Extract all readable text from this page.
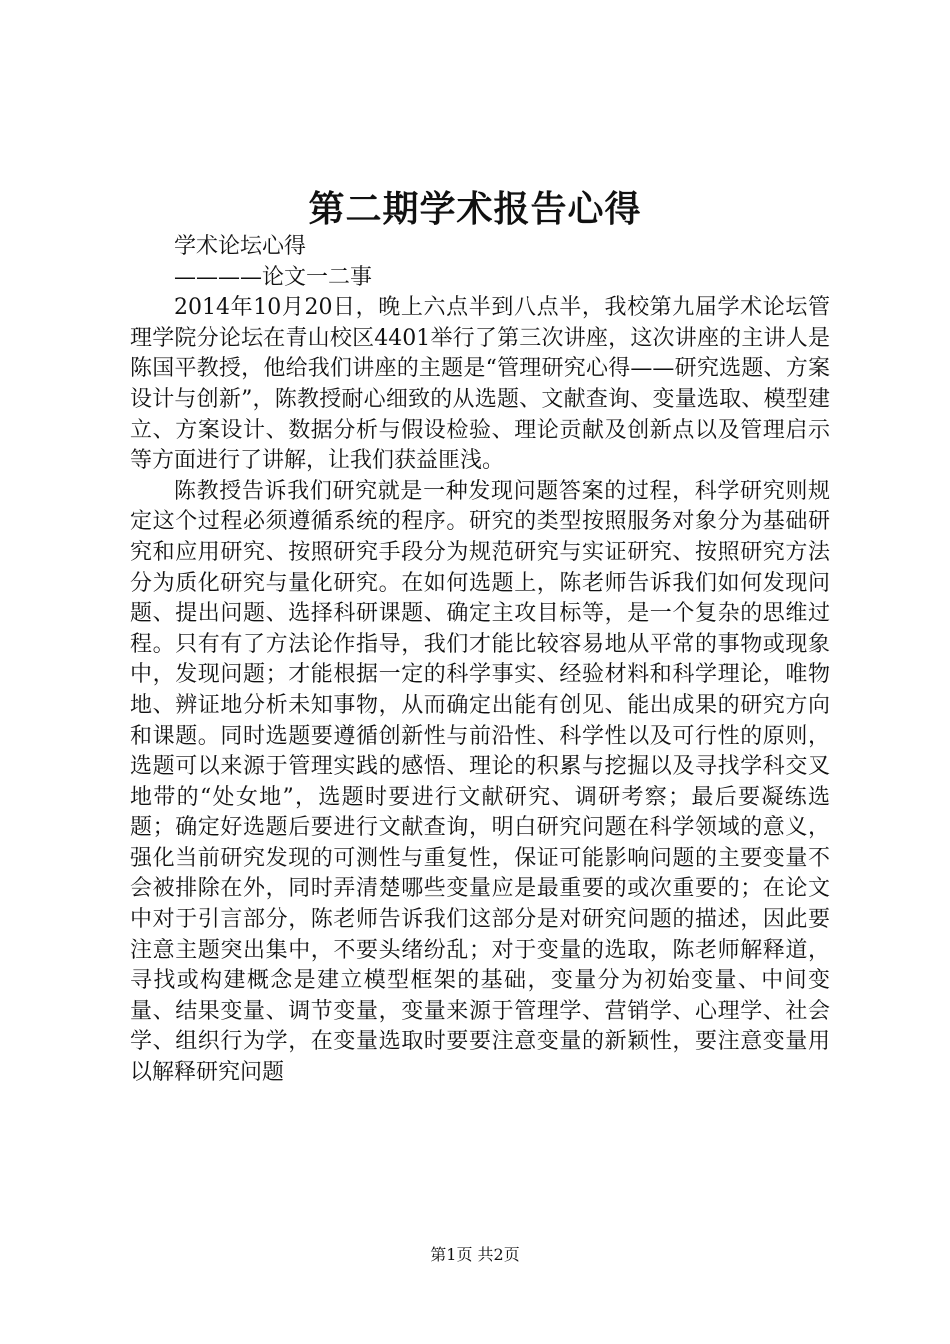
第二期学术报告心得

学术论坛心得

————论文一二事

2014年10月20日，晚上六点半到八点半，我校第九届学术论坛管理学院分论坛在青山校区4401举行了第三次讲座，这次讲座的主讲人是陈国平教授，他给我们讲座的主题是“管理研究心得——研究选题、方案设计与创新”，陈教授耐心细致的从选题、文献查询、变量选取、模型建立、方案设计、数据分析与假设检验、理论贡献及创新点以及管理启示等方面进行了讲解，让我们获益匪浅。

陈教授告诉我们研究就是一种发现问题答案的过程，科学研究则规定这个过程必须遵循系统的程序。研究的类型按照服务对象分为基础研究和应用研究、按照研究手段分为规范研究与实证研究、按照研究方法分为质化研究与量化研究。在如何选题上，陈老师告诉我们如何发现问题、提出问题、选择科研课题、确定主攻目标等，是一个复杂的思维过程。只有有了方法论作指导，我们才能比较容易地从平常的事物或现象中，发现问题；才能根据一定的科学事实、经验材料和科学理论，唯物地、辨证地分析未知事物，从而确定出能有创见、能出成果的研究方向和课题。同时选题要遵循创新性与前沿性、科学性以及可行性的原则，选题可以来源于管理实践的感悟、理论的积累与挖掘以及寻找学科交叉地带的“处女地”，选题时要进行文献研究、调研考察；最后要凝练选题；确定好选题后要进行文献查询，明白研究问题在科学领域的意义，强化当前研究发现的可测性与重复性，保证可能影响问题的主要变量不会被排除在外，同时弄清楚哪些变量应是最重要的或次重要的；在论文中对于引言部分，陈老师告诉我们这部分是对研究问题的描述，因此要注意主题突出集中，不要头绪纷乱；对于变量的选取，陈老师解释道，寻找或构建概念是建立模型框架的基础，变量分为初始变量、中间变量、结果变量、调节变量，变量来源于管理学、营销学、心理学、社会学、组织行为学，在变量选取时要要注意变量的新颖性，要注意变量用以解释研究问题

第1页 共2页
